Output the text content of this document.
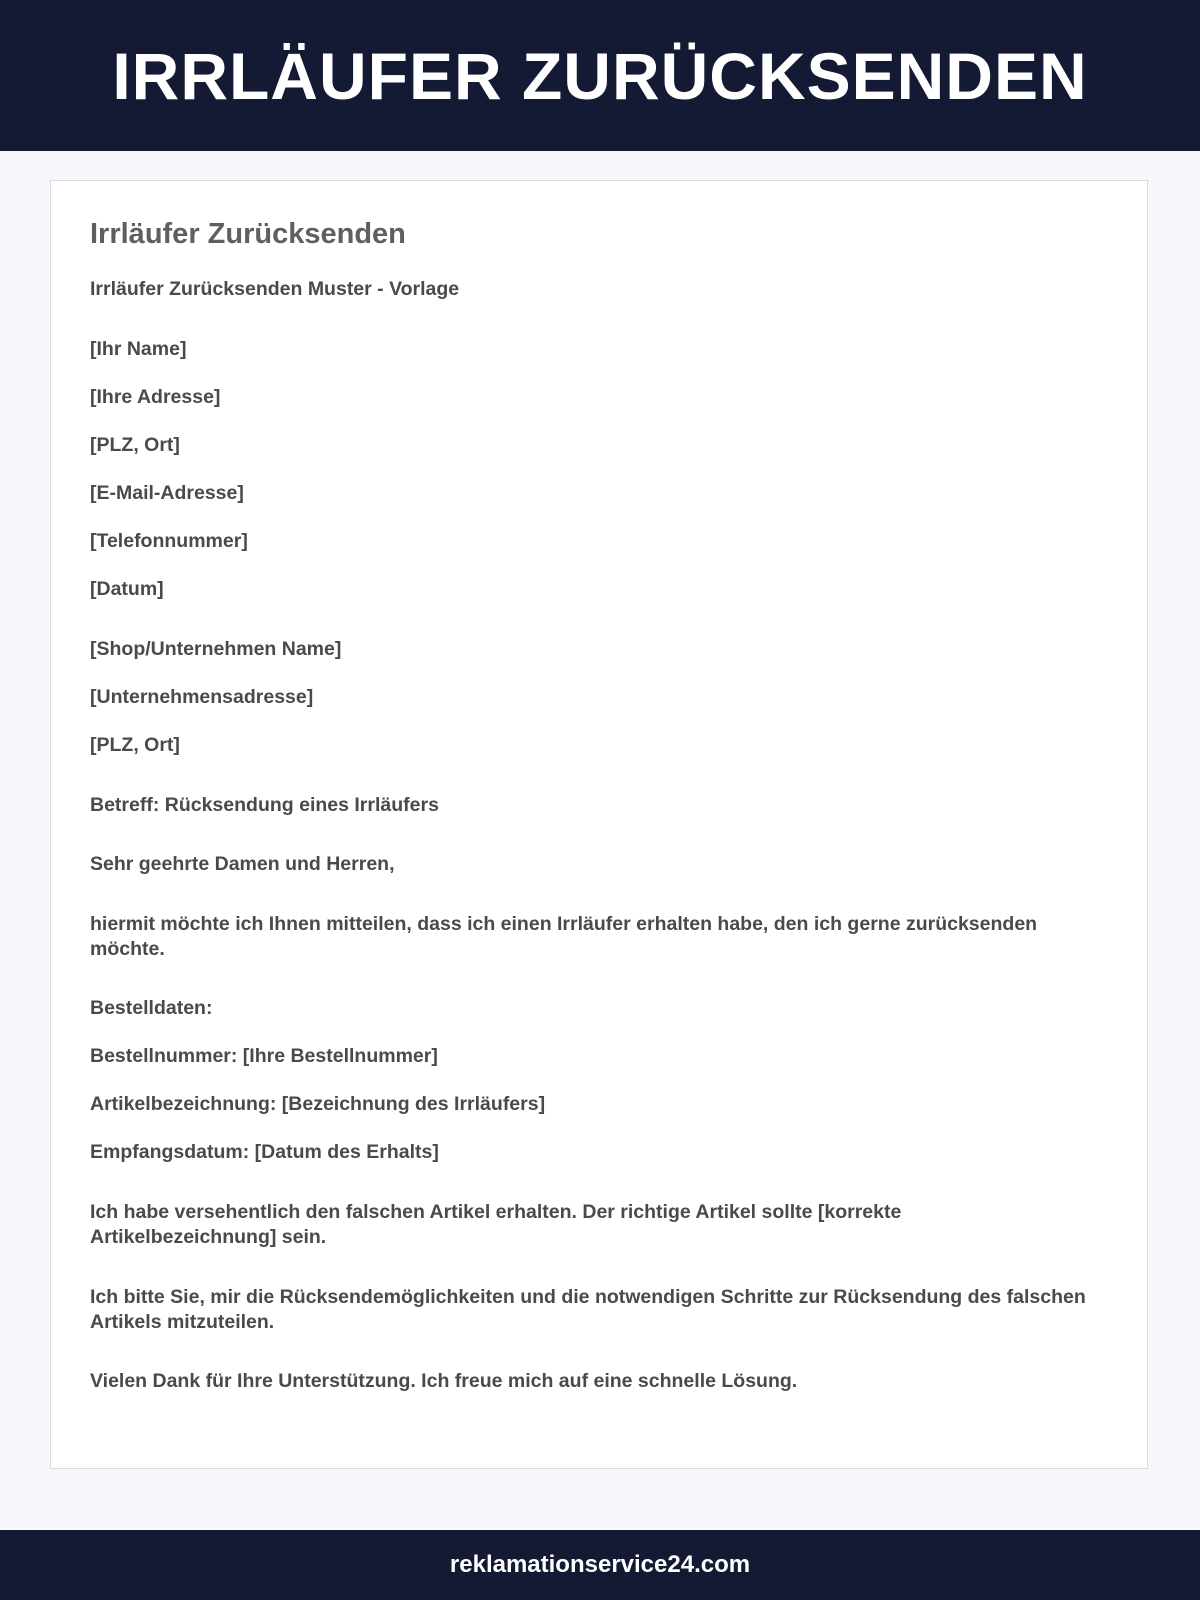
IRRLÄUFER ZURÜCKSENDEN
Irrläufer Zurücksenden

Irrläufer Zurücksenden Muster - Vorlage

[Ihr Name]

[Ihre Adresse]

[PLZ, Ort]

[E-Mail-Adresse]

[Telefonnummer]

[Datum]

[Shop/Unternehmen Name]

[Unternehmensadresse]

[PLZ, Ort]

Betreff: Rücksendung eines Irrläufers

Sehr geehrte Damen und Herren,

hiermit möchte ich Ihnen mitteilen, dass ich einen Irrläufer erhalten habe, den ich gerne zurücksenden möchte.

Bestelldaten:

Bestellnummer: [Ihre Bestellnummer]

Artikelbezeichnung: [Bezeichnung des Irrläufers]

Empfangsdatum: [Datum des Erhalts]

Ich habe versehentlich den falschen Artikel erhalten. Der richtige Artikel sollte [korrekte Artikelbezeichnung] sein.

Ich bitte Sie, mir die Rücksendemöglichkeiten und die notwendigen Schritte zur Rücksendung des falschen Artikels mitzuteilen.

Vielen Dank für Ihre Unterstützung. Ich freue mich auf eine schnelle Lösung.

reklamationservice24.com
